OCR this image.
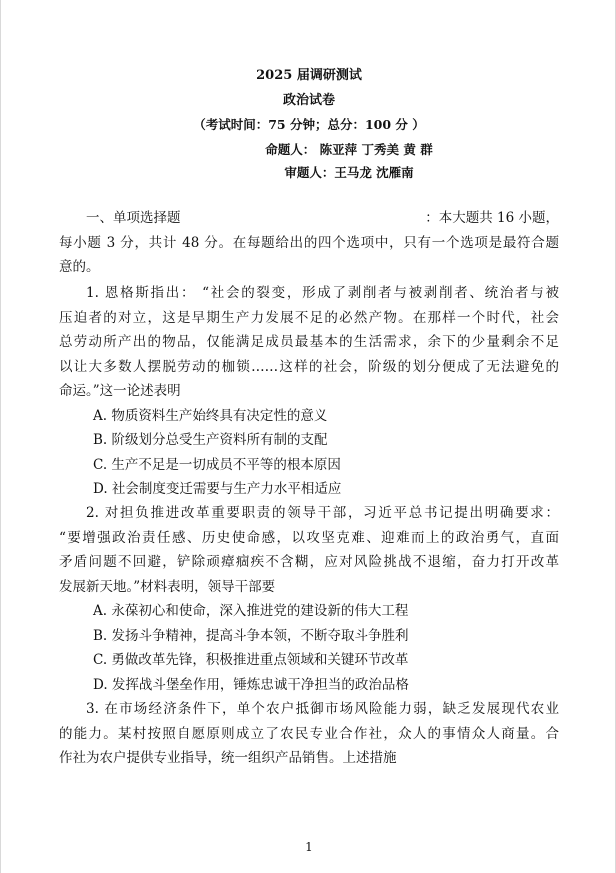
2025 届调研测试
政治试卷
（考试时间：75 分钟；总分：100 分 ）
命题人： 陈亚萍 丁秀美 黄 群
审题人：王马龙 沈雁南
一、单项选择题	：本大题共 16 小题，
每小题 3 分，共计 48 分。在每题给出的四个选项中，只有一个选项是最符合题
意的。
1. 恩格斯指出： “社会的裂变，形成了剥削者与被剥削者、统治者与被
压迫者的对立，这是早期生产力发展不足的必然产物。在那样一个时代，社会
总劳动所产出的物品，仅能满足成员最基本的生活需求，余下的少量剩余不足
以让大多数人摆脱劳动的枷锁……这样的社会，阶级的划分便成了无法避免的
命运。”这一论述表明
A. 物质资料生产始终具有决定性的意义
B. 阶级划分总受生产资料所有制的支配
C. 生产不足是一切成员不平等的根本原因
D. 社会制度变迁需要与生产力水平相适应
2. 对担负推进改革重要职责的领导干部，习近平总书记提出明确要求：
“要增强政治责任感、历史使命感，以攻坚克难、迎难而上的政治勇气，直面
矛盾问题不回避，铲除顽瘴痼疾不含糊，应对风险挑战不退缩，奋力打开改革
发展新天地。”材料表明，领导干部要
A. 永葆初心和使命，深入推进党的建设新的伟大工程
B. 发扬斗争精神，提高斗争本领，不断夺取斗争胜利
C. 勇做改革先锋，积极推进重点领域和关键环节改革
D. 发挥战斗堡垒作用，锤炼忠诚干净担当的政治品格
3. 在市场经济条件下，单个农户抵御市场风险能力弱，缺乏发展现代农业
的能力。某村按照自愿原则成立了农民专业合作社，众人的事情众人商量。合
作社为农户提供专业指导，统一组织产品销售。上述措施
1
